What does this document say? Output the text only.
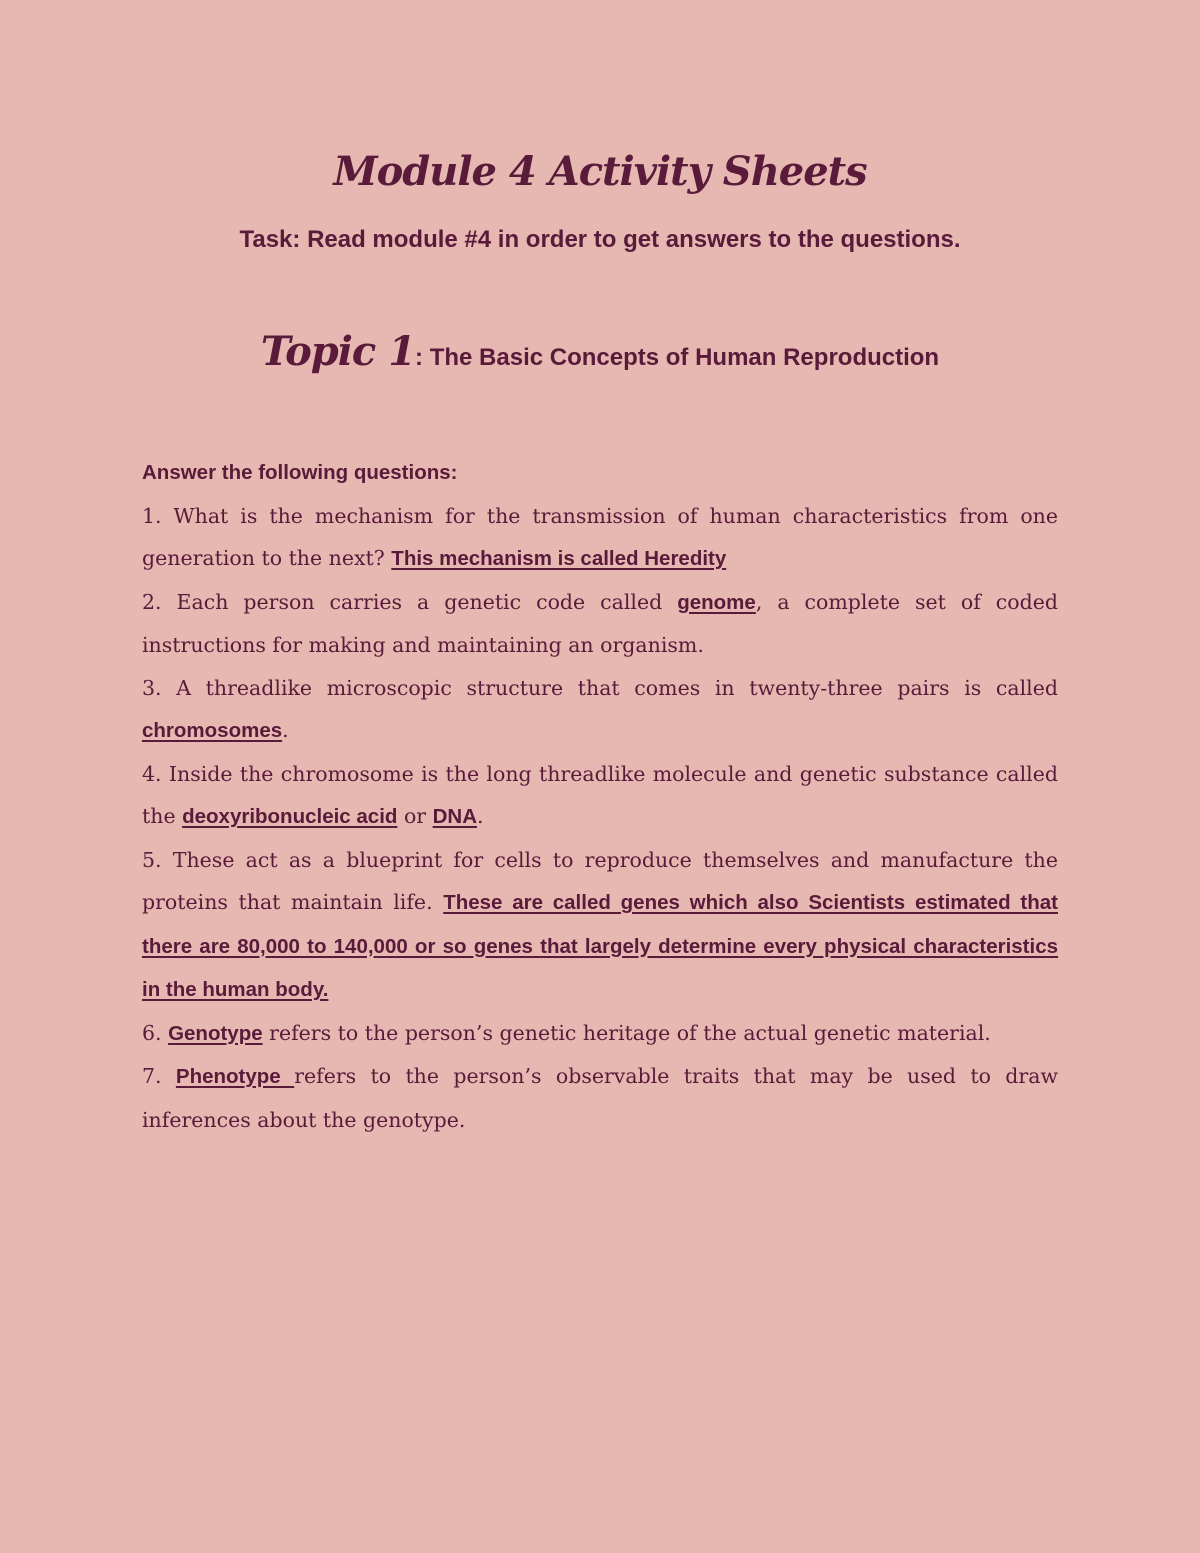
Module 4 Activity Sheets
Task: Read module #4 in order to get answers to the questions.
Topic 1: The Basic Concepts of Human Reproduction

Answer the following questions:

1. What is the mechanism for the transmission of human characteristics from one generation to the next? This mechanism is called Heredity

2. Each person carries a genetic code called genome, a complete set of coded instructions for making and maintaining an organism.

3. A threadlike microscopic structure that comes in twenty-three pairs is called chromosomes.

4. Inside the chromosome is the long threadlike molecule and genetic substance called the deoxyribonucleic acid or DNA.

5. These act as a blueprint for cells to reproduce themselves and manufacture the proteins that maintain life. These are called genes which also Scientists estimated that there are 80,000 to 140,000 or so genes that largely determine every physical characteristics in the human body.

6. Genotype refers to the person’s genetic heritage of the actual genetic material.

7. Phenotype refers to the person’s observable traits that may be used to draw inferences about the genotype.
